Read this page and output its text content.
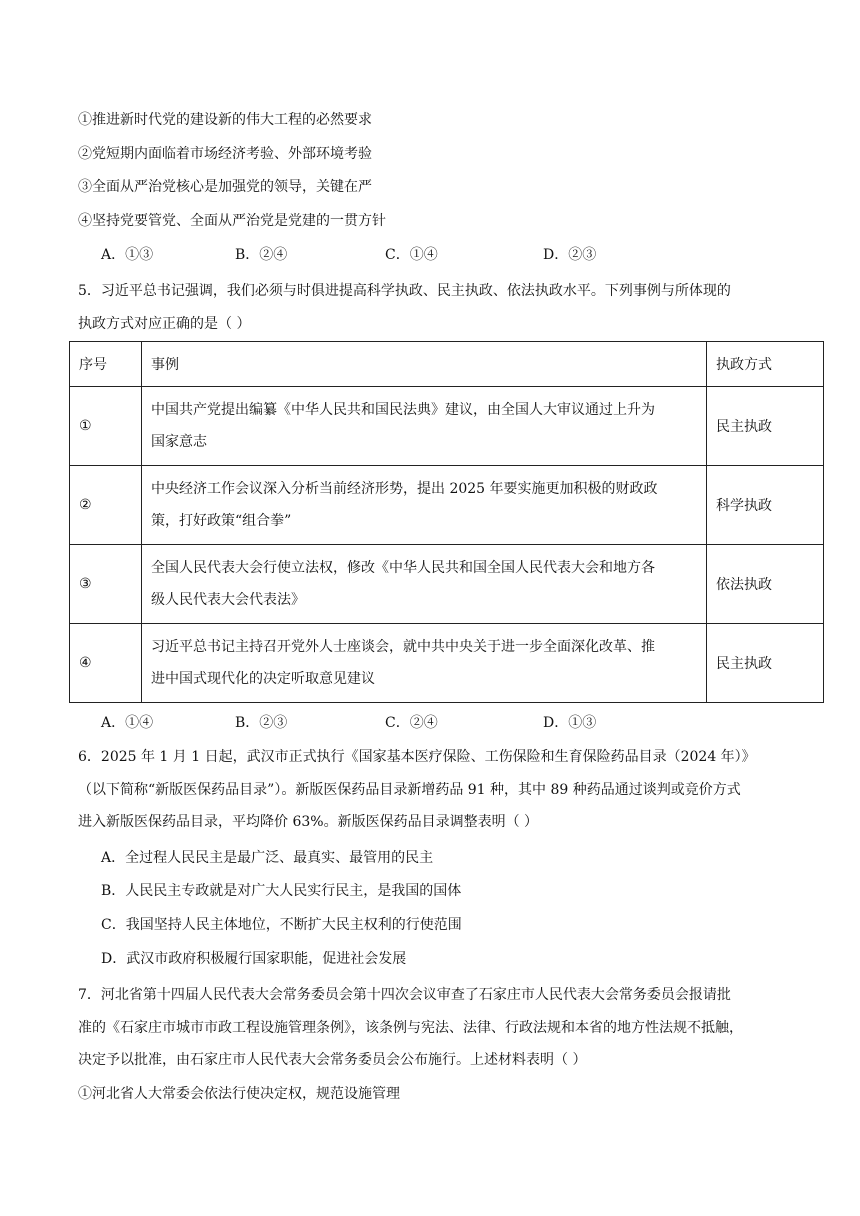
①推进新时代党的建设新的伟大工程的必然要求
②党短期内面临着市场经济考验、外部环境考验
③全面从严治党核心是加强党的领导，关键在严
④坚持党要管党、全面从严治党是党建的一贯方针
A．①③	B．②④	C．①④	D．②③
5．习近平总书记强调，我们必须与时俱进提高科学执政、民主执政、依法执政水平。下列事例与所体现的
执政方式对应正确的是（ ）
序号	事例	执政方式
①	中国共产党提出编纂《中华人民共和国民法典》建议，由全国人大审议通过上升为
国家意志	民主执政
②	中央经济工作会议深入分析当前经济形势，提出 2025 年要实施更加积极的财政政
策，打好政策“组合拳”	科学执政
③	全国人民代表大会行使立法权，修改《中华人民共和国全国人民代表大会和地方各
级人民代表大会代表法》	依法执政
④	习近平总书记主持召开党外人士座谈会，就中共中央关于进一步全面深化改革、推
进中国式现代化的决定听取意见建议	民主执政
A．①④	B．②③	C．②④	D．①③
6．2025 年 1 月 1 日起，武汉市正式执行《国家基本医疗保险、工伤保险和生育保险药品目录（2024 年）》
（以下简称“新版医保药品目录”）。新版医保药品目录新增药品 91 种，其中 89 种药品通过谈判或竞价方式
进入新版医保药品目录，平均降价 63%。新版医保药品目录调整表明（ ）
A．全过程人民民主是最广泛、最真实、最管用的民主
B．人民民主专政就是对广大人民实行民主，是我国的国体
C．我国坚持人民主体地位，不断扩大民主权利的行使范围
D．武汉市政府积极履行国家职能，促进社会发展
7．河北省第十四届人民代表大会常务委员会第十四次会议审查了石家庄市人民代表大会常务委员会报请批
准的《石家庄市城市市政工程设施管理条例》，该条例与宪法、法律、行政法规和本省的地方性法规不抵触，
决定予以批准，由石家庄市人民代表大会常务委员会公布施行。上述材料表明（ ）
①河北省人大常委会依法行使决定权，规范设施管理
